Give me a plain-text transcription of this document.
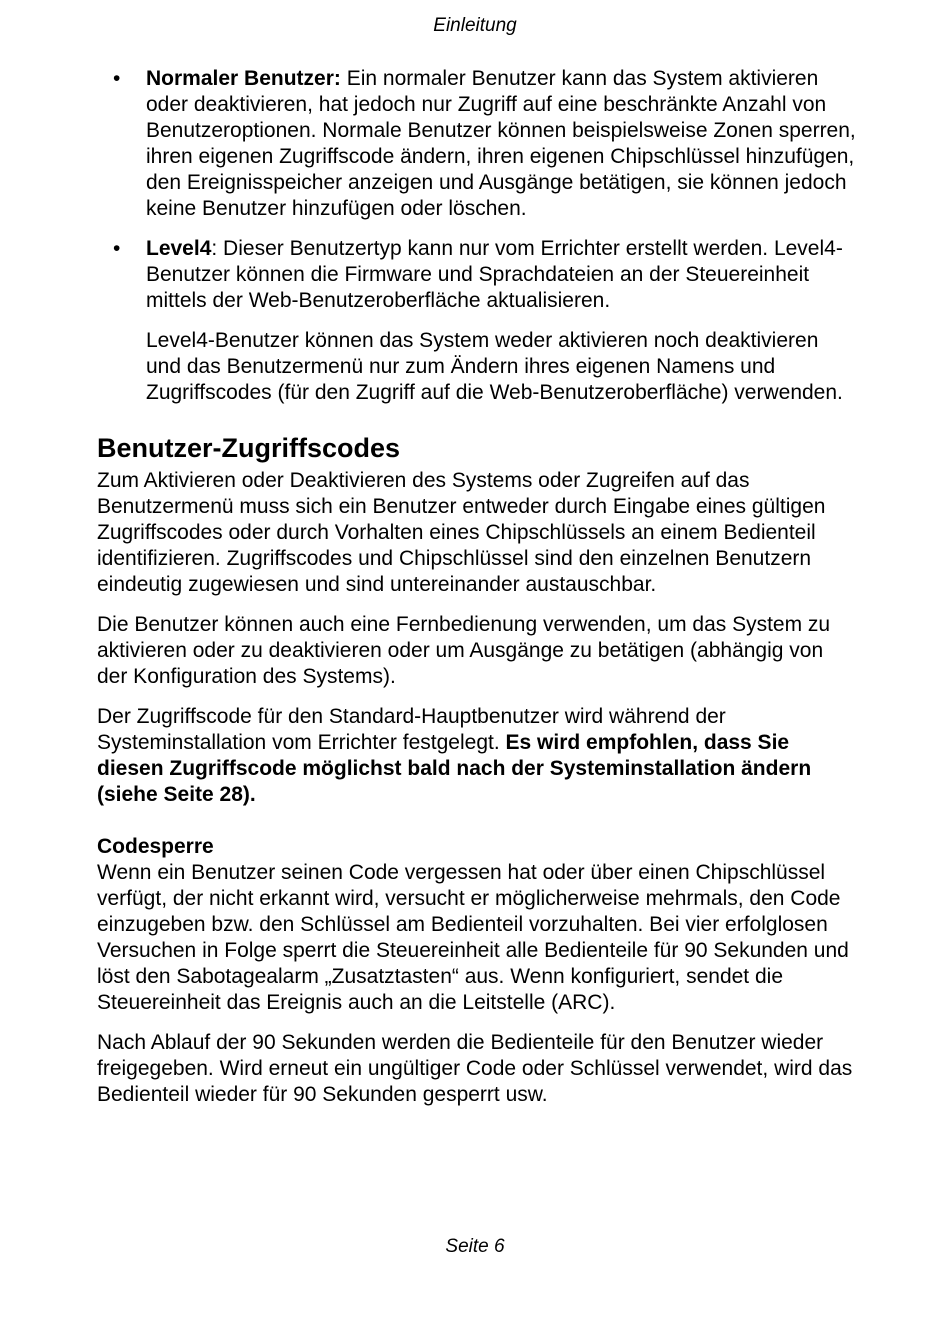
Einleitung
• Normaler Benutzer: Ein normaler Benutzer kann das System aktivieren oder deaktivieren, hat jedoch nur Zugriff auf eine beschränkte Anzahl von Benutzeroptionen. Normale Benutzer können beispielsweise Zonen sperren, ihren eigenen Zugriffscode ändern, ihren eigenen Chipschlüssel hinzufügen, den Ereignisspeicher anzeigen und Ausgänge betätigen, sie können jedoch keine Benutzer hinzufügen oder löschen.
• Level4: Dieser Benutzertyp kann nur vom Errichter erstellt werden. Level4-Benutzer können die Firmware und Sprachdateien an der Steuereinheit mittels der Web-Benutzeroberfläche aktualisieren.

Level4-Benutzer können das System weder aktivieren noch deaktivieren und das Benutzermenü nur zum Ändern ihres eigenen Namens und Zugriffscodes (für den Zugriff auf die Web-Benutzeroberfläche) verwenden.

Benutzer-Zugriffscodes

Zum Aktivieren oder Deaktivieren des Systems oder Zugreifen auf das Benutzermenü muss sich ein Benutzer entweder durch Eingabe eines gültigen Zugriffscodes oder durch Vorhalten eines Chipschlüssels an einem Bedienteil identifizieren. Zugriffscodes und Chipschlüssel sind den einzelnen Benutzern eindeutig zugewiesen und sind untereinander austauschbar.

Die Benutzer können auch eine Fernbedienung verwenden, um das System zu aktivieren oder zu deaktivieren oder um Ausgänge zu betätigen (abhängig von der Konfiguration des Systems).

Der Zugriffscode für den Standard-Hauptbenutzer wird während der Systeminstallation vom Errichter festgelegt. Es wird empfohlen, dass Sie diesen Zugriffscode möglichst bald nach der Systeminstallation ändern (siehe Seite 28).

Codesperre

Wenn ein Benutzer seinen Code vergessen hat oder über einen Chipschlüssel verfügt, der nicht erkannt wird, versucht er möglicherweise mehrmals, den Code einzugeben bzw. den Schlüssel am Bedienteil vorzuhalten. Bei vier erfolglosen Versuchen in Folge sperrt die Steuereinheit alle Bedienteile für 90 Sekunden und löst den Sabotagealarm „Zusatztasten“ aus. Wenn konfiguriert, sendet die Steuereinheit das Ereignis auch an die Leitstelle (ARC).

Nach Ablauf der 90 Sekunden werden die Bedienteile für den Benutzer wieder freigegeben. Wird erneut ein ungültiger Code oder Schlüssel verwendet, wird das Bedienteil wieder für 90 Sekunden gesperrt usw.

Seite 6
